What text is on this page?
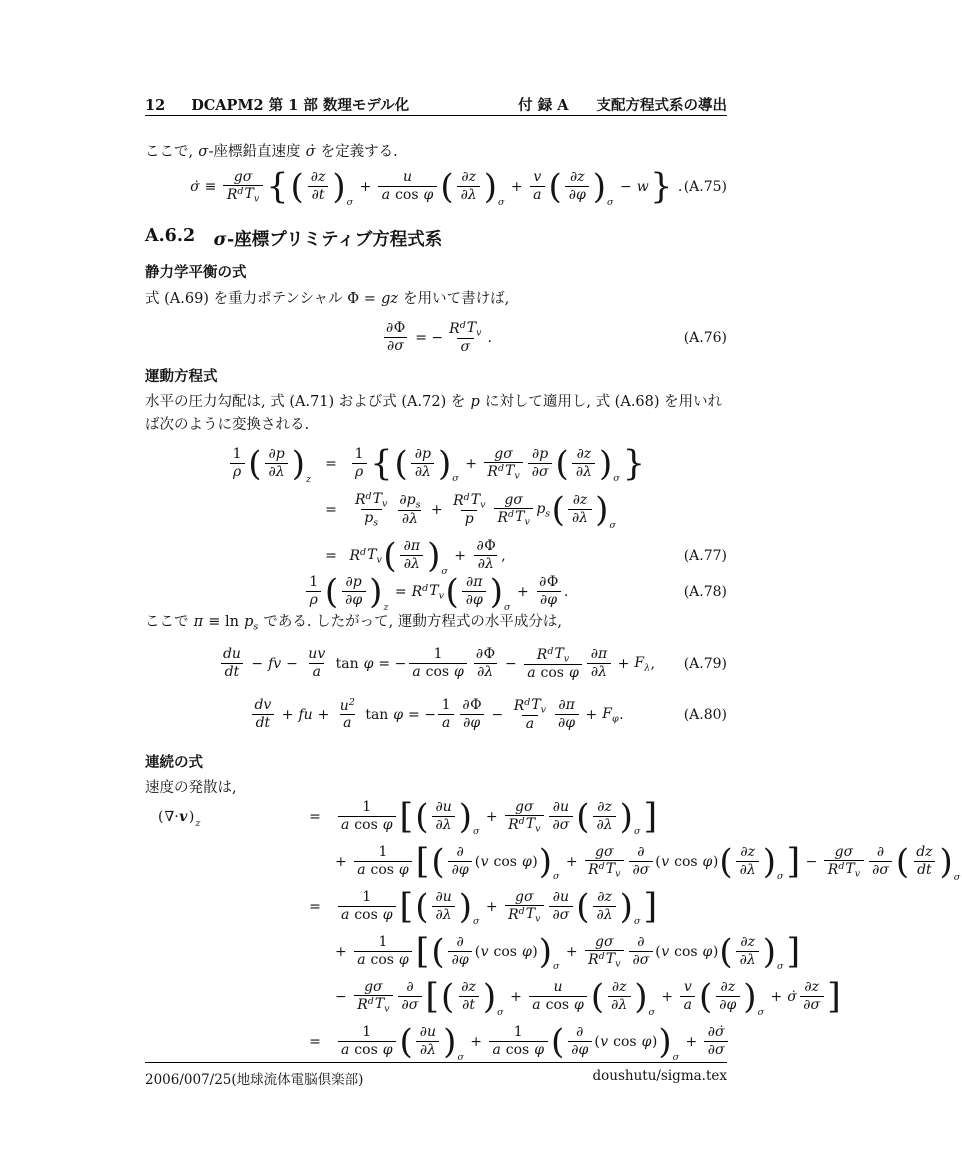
12 DCAPM2 第 1 部 数理モデル化	付 録 A 支配方程式系の導出
ここで, σ-座標鉛直速度 σ̇ を定義する.
σ̇ ≡ $\frac{g\sigma}{R^d T_v}$ { ( $\frac{\partial z}{\partial t}$ ) σ
+ $\frac{u}{\text{a cos φ}}$ ( $\frac{\partial z}{\partial\lambda}$ ) σ
+ $\frac{v}{a}$ ( $\frac{\partial z}{\partial\varphi}$ ) σ
− w } . (A.75)
A.6.2 σ-座標プリミティブ方程式系
静力学平衡の式
式 (A.69) を重力ポテンシャル Φ = gz を用いて書けば,
$\frac{\partial \Phi}{\partial\sigma}$ = − $\frac{R^d T_v}{\sigma}$ .	(A.76)
運動方程式
水平の圧力勾配は, 式 (A.71) および式 (A.72) を p に対して適用し, 式 (A.68) を用いれば次のように変換される.
$\frac{1}{\rho}$ ( $\frac{\partial p}{\partial\lambda}$ ) z
= $\frac{1}{\rho}$ { ( $\frac{\partial p}{\partial\lambda}$ ) σ
+ $\frac{g\sigma}{R^d T_v} \frac{\partial p}{\partial\sigma}$ ( $\frac{\partial z}{\partial\lambda}$ ) σ }
= $\frac{R^d T_v}{p_s} \frac{\partial p_s}{\partial\lambda} + \frac{R^d T_v}{p} \frac{g\sigma}{R^d T_v} p_s$ ( $\frac{\partial z}{\partial\lambda}$ ) σ
= $R^d$ $T_v$ ( $\frac{\partial\pi}{\partial\lambda}$ ) σ
+ $\frac{\partial \Phi}{\partial\lambda}$ ,	(A.77)
$\frac{1}{\rho}$ ( $\frac{\partial p}{\partial\varphi}$ ) z
= $R^d$ $T_v$ ( $\frac{\partial\pi}{\partial\varphi}$ ) σ
+ $\frac{\partial \Phi}{\partial\varphi}$ .	(A.78)
ここで $\pi \equiv \ln p_s$ である. したがって, 運動方程式の水平成分は,
$\frac{du}{dt}$ − fv − $\frac{uv}{a}$ tan φ = − $\frac{1}{\text{a cos φ}} \frac{\partial \Phi}{\partial\lambda} - \frac{R^d T_v}{\text{a cos φ}} \frac{\partial\pi}{\partial\lambda} + F_\lambda$ , (A.79)
$\frac{dv}{dt}$ + fu + $\frac{u^2}{a}$ tan φ = − $\frac{1}{a} \frac{\partial \Phi}{\partial\varphi} - \frac{R^d T_v}{a} \frac{\partial\pi}{\partial\varphi} + F_\varphi$ .	(A.80)
連続の式
速度の発散は,
( ∇· v ) z	= $\frac{1}{\text{a cos φ}}$ [ ( $\frac{\partial u}{\partial\lambda}$ ) σ
+ $\frac{g\sigma}{R^d T_v} \frac{\partial u}{\partial\sigma}$ ( $\frac{\partial z}{\partial\lambda}$ ) σ ]
+ $\frac{1}{\text{a cos φ}}$ [ ( $\frac{\partial}{\partial\varphi}$ ( v cos φ ) ) σ
+ $\frac{g\sigma}{R^d T_v} \frac{\partial}{\partial\sigma}$ ( v cos φ ) ( $\frac{\partial z}{\partial\lambda}$ ) σ ] − $\frac{g\sigma}{R^d T_v} \frac{\partial}{\partial\sigma}$ ( $\frac{dz}{dt}$ ) σ
= $\frac{1}{\text{a cos φ}}$ [ ( $\frac{\partial u}{\partial\lambda}$ ) σ
+ $\frac{g\sigma}{R^d T_v} \frac{\partial u}{\partial\sigma}$ ( $\frac{\partial z}{\partial\lambda}$ ) σ ]
+ $\frac{1}{\text{a cos φ}}$ [ ( $\frac{\partial}{\partial\varphi}$ ( v cos φ ) ) σ
+ $\frac{g\sigma}{R^d T_v} \frac{\partial}{\partial\sigma}$ ( v cos φ ) ( $\frac{\partial z}{\partial\lambda}$ ) σ ]
− $\frac{g\sigma}{R^d T_v} \frac{\partial}{\partial\sigma}$ [ ( $\frac{\partial z}{\partial t}$ ) σ
+ $\frac{u}{\text{a cos φ}}$ ( $\frac{\partial z}{\partial\lambda}$ ) σ
+ $\frac{v}{a}$ ( $\frac{\partial z}{\partial\varphi}$ ) σ
+ σ̇ $\frac{\partial z}{\partial\sigma}$ ]
= $\frac{1}{\text{a cos φ}}$ ( $\frac{\partial u}{\partial\lambda}$ ) σ
+ $\frac{1}{\text{a cos φ}}$ ( $\frac{\partial}{\partial\varphi}$ ( v cos φ ) ) σ
+ $\frac{\partial\sigmȧ}{\partial\sigma}$
2006/007/25(地球流体電脳倶楽部)	doushutu/sigma.tex
